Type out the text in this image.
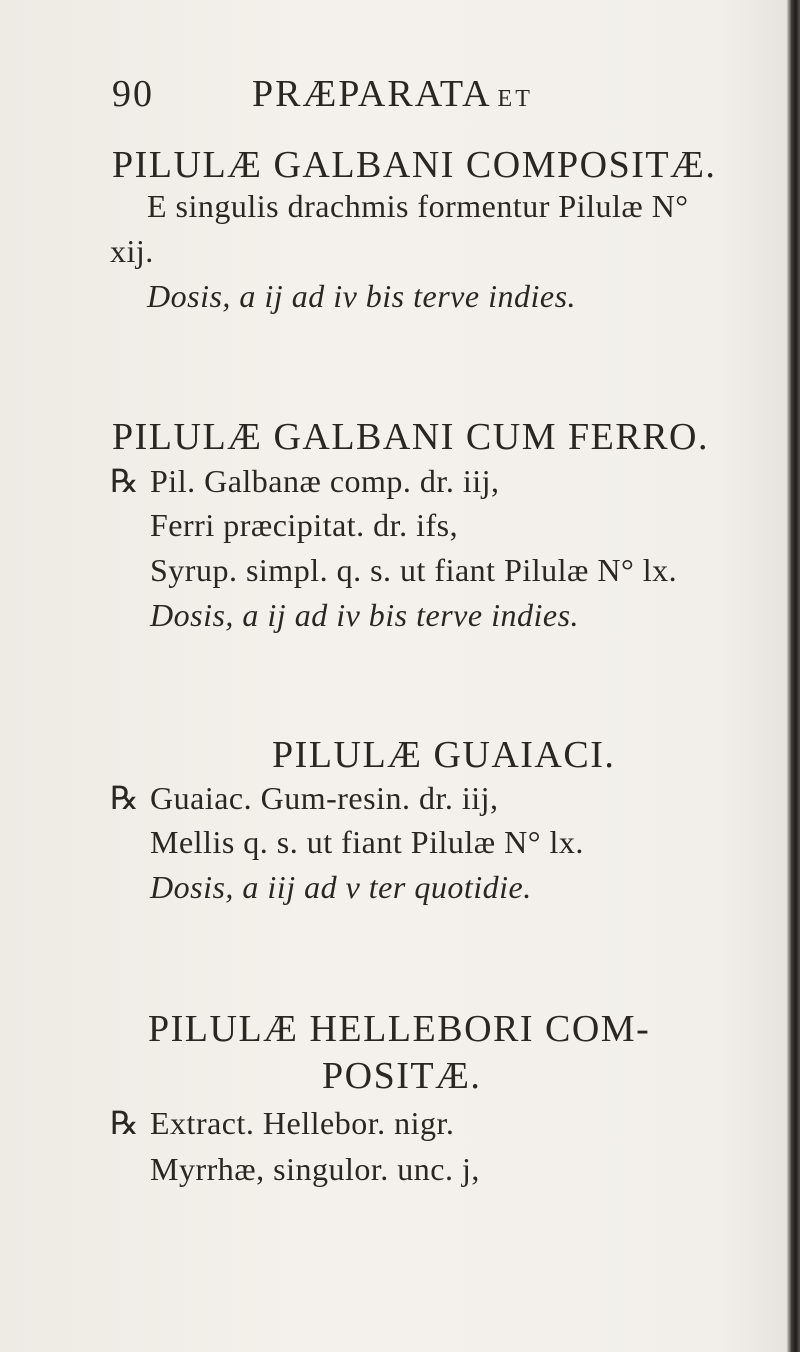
90	PRÆPARATA ET
PILULÆ GALBANI COMPOSITÆ.
E singulis drachmis formentur Pilulæ N°
xij.
Dosis, a ij ad iv bis terve indies.
PILULÆ GALBANI CUM FERRO.
℞ Pil. Galbanæ comp. dr. iij,
Ferri præcipitat. dr. ifs,
Syrup. simpl. q. s. ut fiant Pilulæ N° lx.
Dosis, a ij ad iv bis terve indies.
PILULÆ GUAIACI.
℞ Guaiac. Gum-resin. dr. iij,
Mellis q. s. ut fiant Pilulæ N° lx.
Dosis, a iij ad v ter quotidie.
PILULÆ HELLEBORI COM-
POSITÆ.
℞ Extract. Hellebor. nigr.
Myrrhæ, singulor. unc. j,
